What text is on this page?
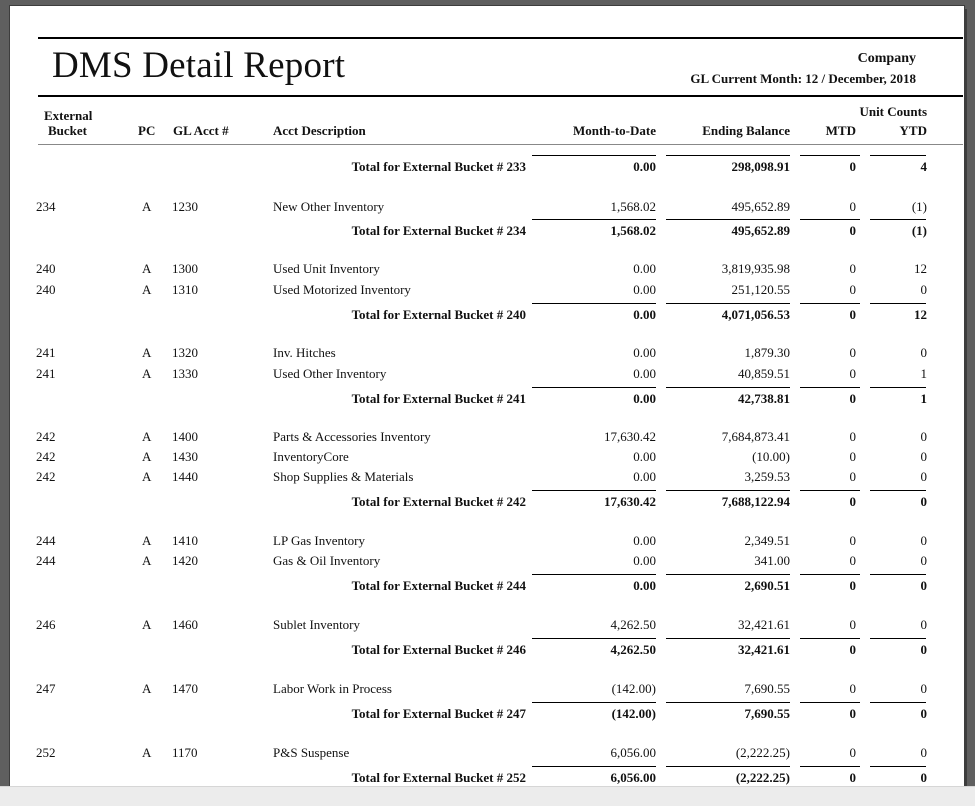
DMS Detail Report	Company
GL Current Month: 12 / December, 2018
External
Bucket	PC GL Acct #	Acct Description	Month-to-Date	Ending Balance
Unit Counts
MTD	YTD
Total for External Bucket # 233	0.00	298,098.91	0	4
234	A 1230	New Other Inventory	1,568.02	495,652.89	0	(1)
Total for External Bucket # 234	1,568.02	495,652.89	0	(1)
240	A 1300	Used Unit Inventory	0.00	3,819,935.98	0	12
240	A 1310	Used Motorized Inventory	0.00	251,120.55	0	0
Total for External Bucket # 240	0.00	4,071,056.53	0	12
241	A 1320	Inv. Hitches	0.00	1,879.30	0	0
241	A 1330	Used Other Inventory	0.00	40,859.51	0	1
Total for External Bucket # 241	0.00	42,738.81	0	1
242	A 1400	Parts & Accessories Inventory	17,630.42	7,684,873.41	0	0
242	A 1430	InventoryCore	0.00	(10.00)	0	0
242	A 1440	Shop Supplies & Materials	0.00	3,259.53	0	0
Total for External Bucket # 242	17,630.42	7,688,122.94	0	0
244	A 1410	LP Gas Inventory	0.00	2,349.51	0	0
244	A 1420	Gas & Oil Inventory	0.00	341.00	0	0
Total for External Bucket # 244	0.00	2,690.51	0	0
246	A 1460	Sublet Inventory	4,262.50	32,421.61	0	0
Total for External Bucket # 246	4,262.50	32,421.61	0	0
247	A 1470	Labor Work in Process	(142.00)	7,690.55	0	0
Total for External Bucket # 247	(142.00)	7,690.55	0	0
252	A 1170	P&S Suspense	6,056.00	(2,222.25)	0	0
Total for External Bucket # 252	6,056.00	(2,222.25)	0	0
